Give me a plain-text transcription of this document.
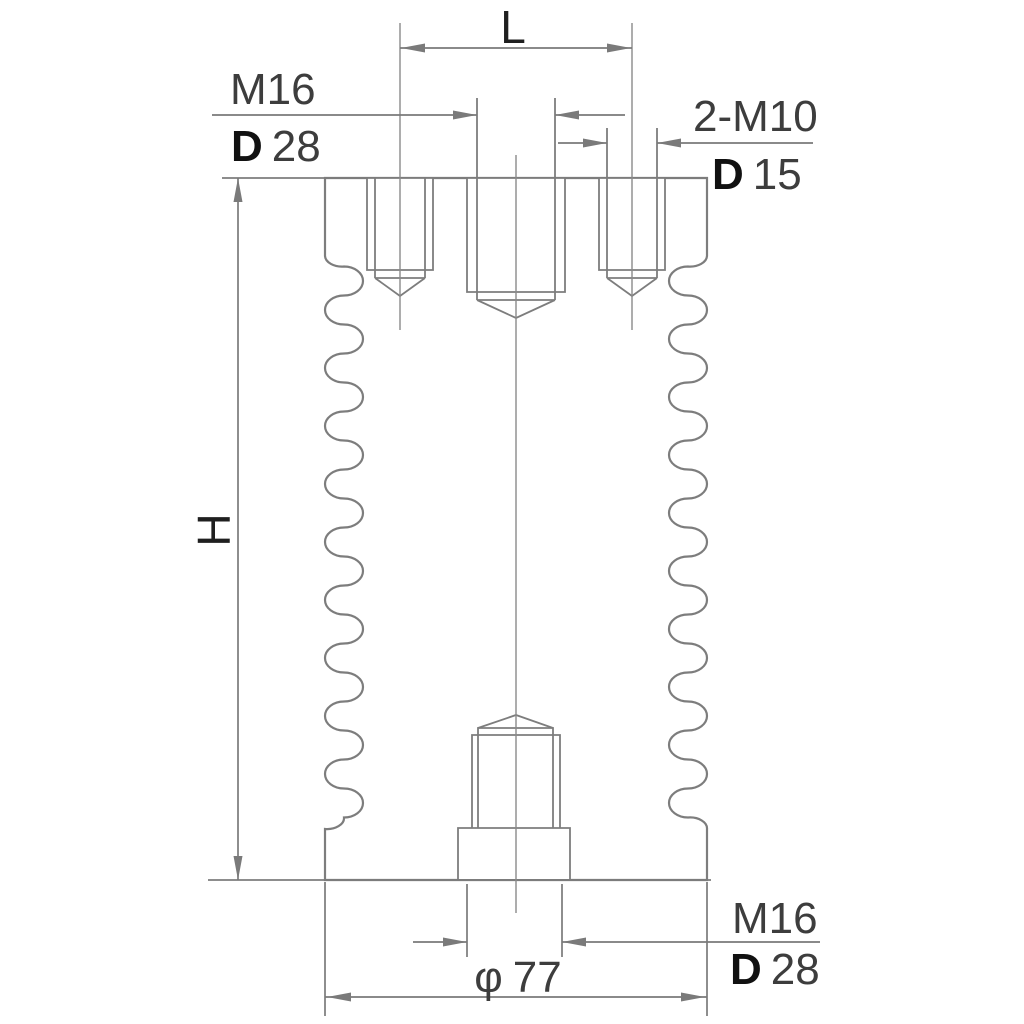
L
H
M16
D 28
2-M10
D 15
M16
D 28
φ 77
